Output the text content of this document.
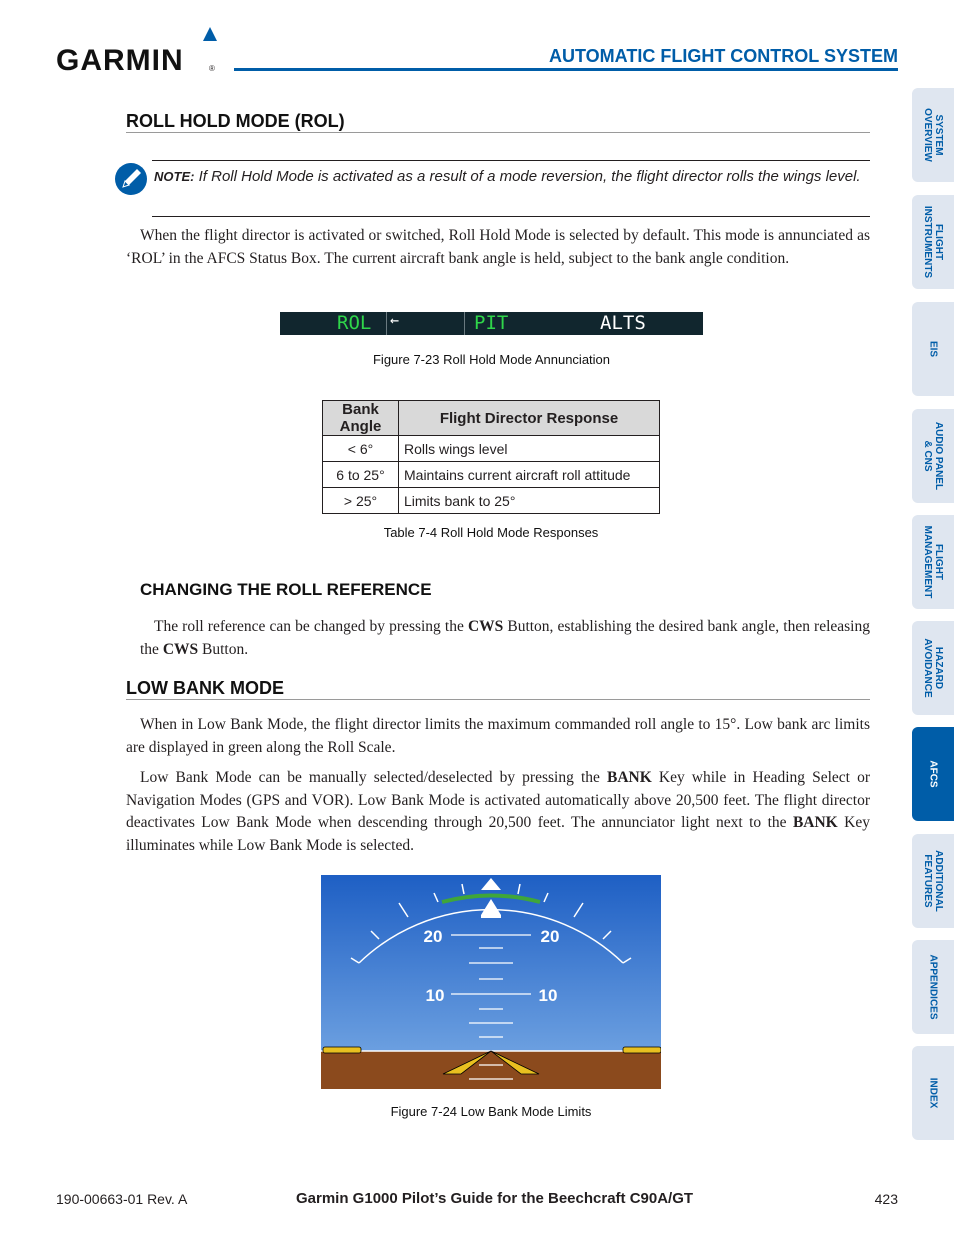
GARMIN	®
AUTOMATIC FLIGHT CONTROL SYSTEM
SYSTEM
OVERVIEW
FLIGHT
INSTRUMENTS
EIS
AUDIO PANEL
& CNS
FLIGHT
MANAGEMENT
HAZARD
AVOIDANCE
AFCS
ADDITIONAL
FEATURES
APPENDICES
INDEX
ROLL HOLD MODE (ROL)
NOTE: If Roll Hold Mode is activated as a result of a mode reversion, the flight director rolls the wings level.
When the flight director is activated or switched, Roll Hold Mode is selected by default. This mode is annunciated as ‘ROL’ in the AFCS Status Box. The current aircraft bank angle is held, subject to the bank angle condition.
ROL ←	PIT	ALTS
Figure 7-23 Roll Hold Mode Annunciation
Bank Angle	Flight Director Response
< 6°	Rolls wings level
6 to 25°	Maintains current aircraft roll attitude
> 25°	Limits bank to 25°
Table 7-4 Roll Hold Mode Responses
CHANGING THE ROLL REFERENCE
The roll reference can be changed by pressing the CWS Button, establishing the desired bank angle, then releasing the CWS Button.
LOW BANK MODE
When in Low Bank Mode, the flight director limits the maximum commanded roll angle to 15°. Low bank arc limits are displayed in green along the Roll Scale.
Low Bank Mode can be manually selected/deselected by pressing the BANK Key while in Heading Select or Navigation Modes (GPS and VOR). Low Bank Mode is activated automatically above 20,500 feet. The flight director deactivates Low Bank Mode when descending through 20,500 feet. The annunciator light next to the BANK Key illuminates while Low Bank Mode is selected.
20	20
10	10
Figure 7-24 Low Bank Mode Limits
190-00663-01 Rev. A	Garmin G1000 Pilot’s Guide for the Beechcraft C90A/GT	423
